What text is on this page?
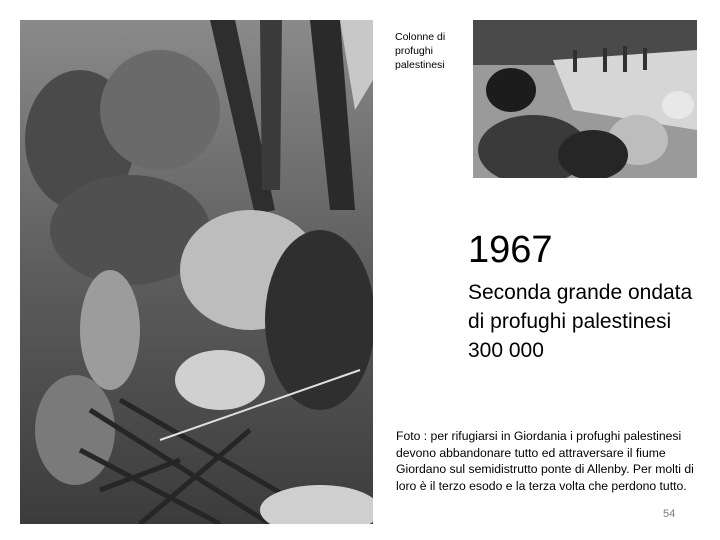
Colonne di profughi palestinesi
1967
Seconda grande ondata di profughi palestinesi 300 000
Foto : per rifugiarsi in Giordania i profughi palestinesi devono abbandonare tutto ed attraversare il fiume Giordano sul semidistrutto ponte di Allenby. Per molti di loro è il terzo esodo e la terza volta che perdono tutto.
54
